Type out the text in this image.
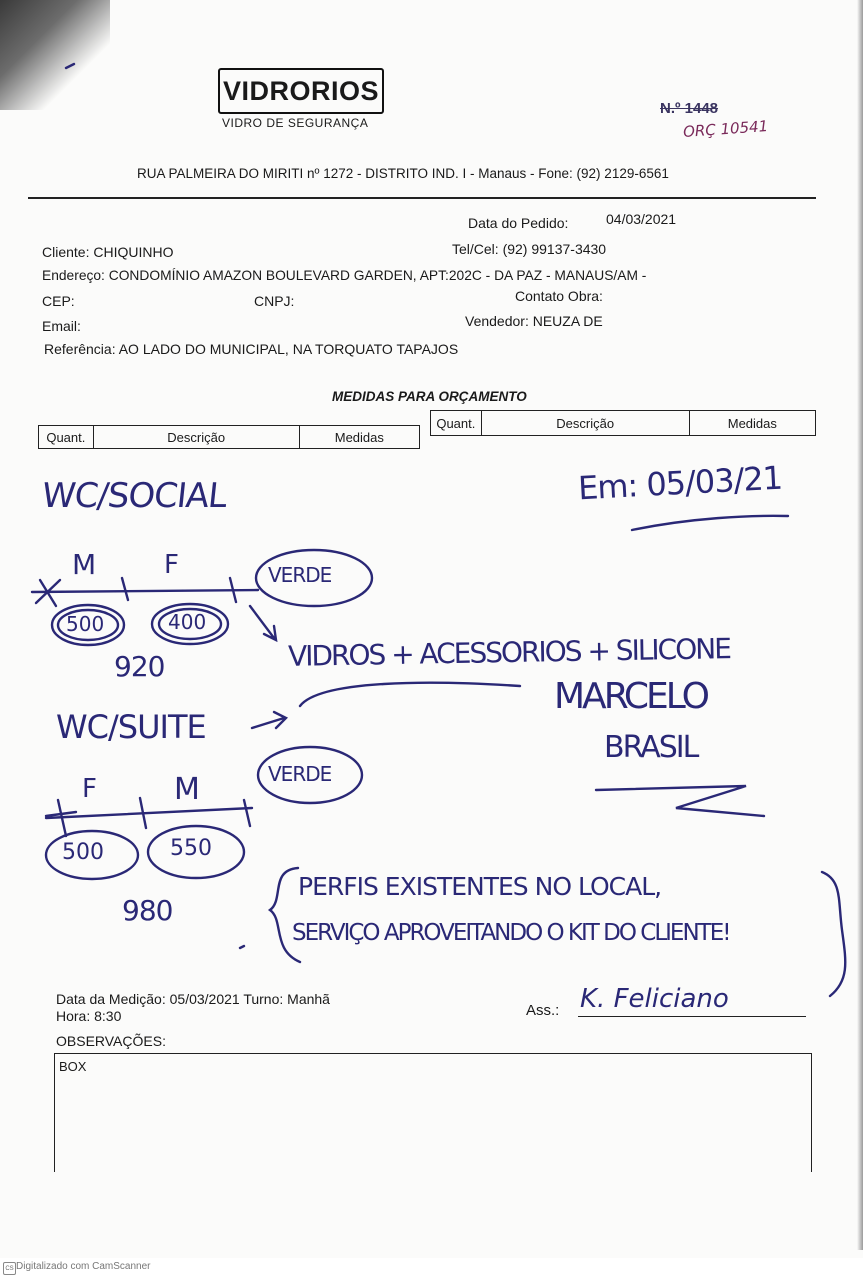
VIDRORIOS
VIDRO DE SEGURANÇA
N.º 1448
ORÇ 10541
RUA PALMEIRA DO MIRITI nº 1272 - DISTRITO IND. I - Manaus - Fone: (92) 2129-6561
Data do Pedido:	04/03/2021
Cliente: CHIQUINHO	Tel/Cel: (92) 99137-3430
Endereço: CONDOMÍNIO AMAZON BOULEVARD GARDEN, APT:202C - DA PAZ - MANAUS/AM -
CEP:	CNPJ:	Contato Obra:
Email:	Vendedor: NEUZA DE
Referência: AO LADO DO MUNICIPAL, NA TORQUATO TAPAJOS
MEDIDAS PARA ORÇAMENTO
Quant.	Descrição	Medidas
Quant.	Descrição	Medidas
WC/SOCIAL	Em: 05/03/21
M	F	VERDE
500	400
920	VIDROS + ACESSORIOS + SILICONE
WC/SUITE
MARCELO
BRASIL
F	M	VERDE
500	550
980
PERFIS EXISTENTES NO LOCAL,
SERVIÇO APROVEITANDO O KIT DO CLIENTE!
Data da Medição: 05/03/2021 Turno: Manhã
Hora: 8:30	Ass.: K. Feliciano
OBSERVAÇÕES:
BOX
CS Digitalizado com CamScanner
